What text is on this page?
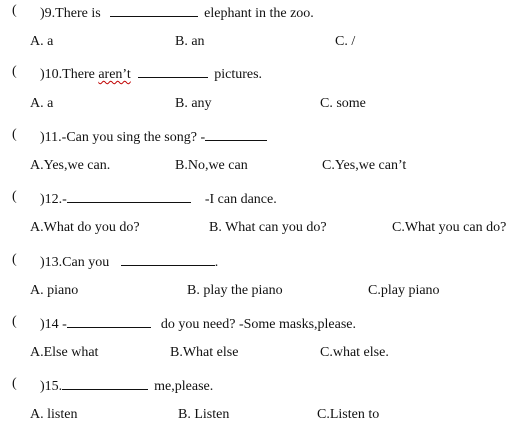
( )9.There is	elephant in the zoo.
A. a	B. an	C. /
( )10.There aren’t	pictures.
A. a	B. any	C. some
( )11.-Can you sing the song? -
A.Yes,we can.	B.No,we can	C.Yes,we can’t
( )12.-	-I can dance.
A.What do you do?	B. What can you do?	C.What you can do?
( )13.Can you	.
A. piano	B. play the piano	C.play piano
( )14 -	do you need? -Some masks,please.
A.Else what	B.What else	C.what else.
( )15.	me,please.
A. listen	B. Listen	C.Listen to
